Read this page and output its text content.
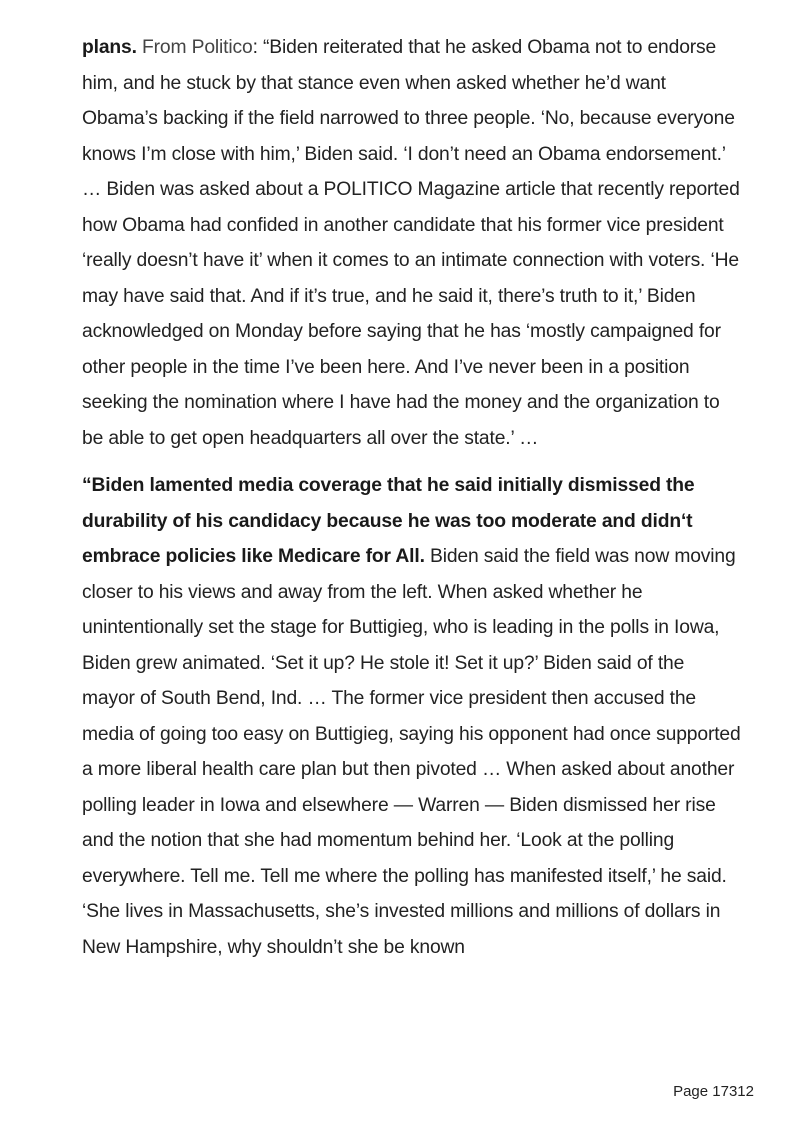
plans. From Politico: “Biden reiterated that he asked Obama not to endorse him, and he stuck by that stance even when asked whether he’d want Obama’s backing if the field narrowed to three people. ‘No, because everyone knows I’m close with him,’ Biden said. ‘I don’t need an Obama endorsement.’ … Biden was asked about a POLITICO Magazine article that recently reported how Obama had confided in another candidate that his former vice president ‘really doesn’t have it’ when it comes to an intimate connection with voters. ‘He may have said that. And if it’s true, and he said it, there’s truth to it,’ Biden acknowledged on Monday before saying that he has ‘mostly campaigned for other people in the time I’ve been here. And I’ve never been in a position seeking the nomination where I have had the money and the organization to be able to get open headquarters all over the state.’ …

“Biden lamented media coverage that he said initially dismissed the durability of his candidacy because he was too moderate and didn‘t embrace policies like Medicare for All. Biden said the field was now moving closer to his views and away from the left. When asked whether he unintentionally set the stage for Buttigieg, who is leading in the polls in Iowa, Biden grew animated. ‘Set it up? He stole it! Set it up?’ Biden said of the mayor of South Bend, Ind. … The former vice president then accused the media of going too easy on Buttigieg, saying his opponent had once supported a more liberal health care plan but then pivoted … When asked about another polling leader in Iowa and elsewhere — Warren — Biden dismissed her rise and the notion that she had momentum behind her. ‘Look at the polling everywhere. Tell me. Tell me where the polling has manifested itself,’ he said. ‘She lives in Massachusetts, she’s invested millions and millions of dollars in New Hampshire, why shouldn’t she be known

Page 17312
